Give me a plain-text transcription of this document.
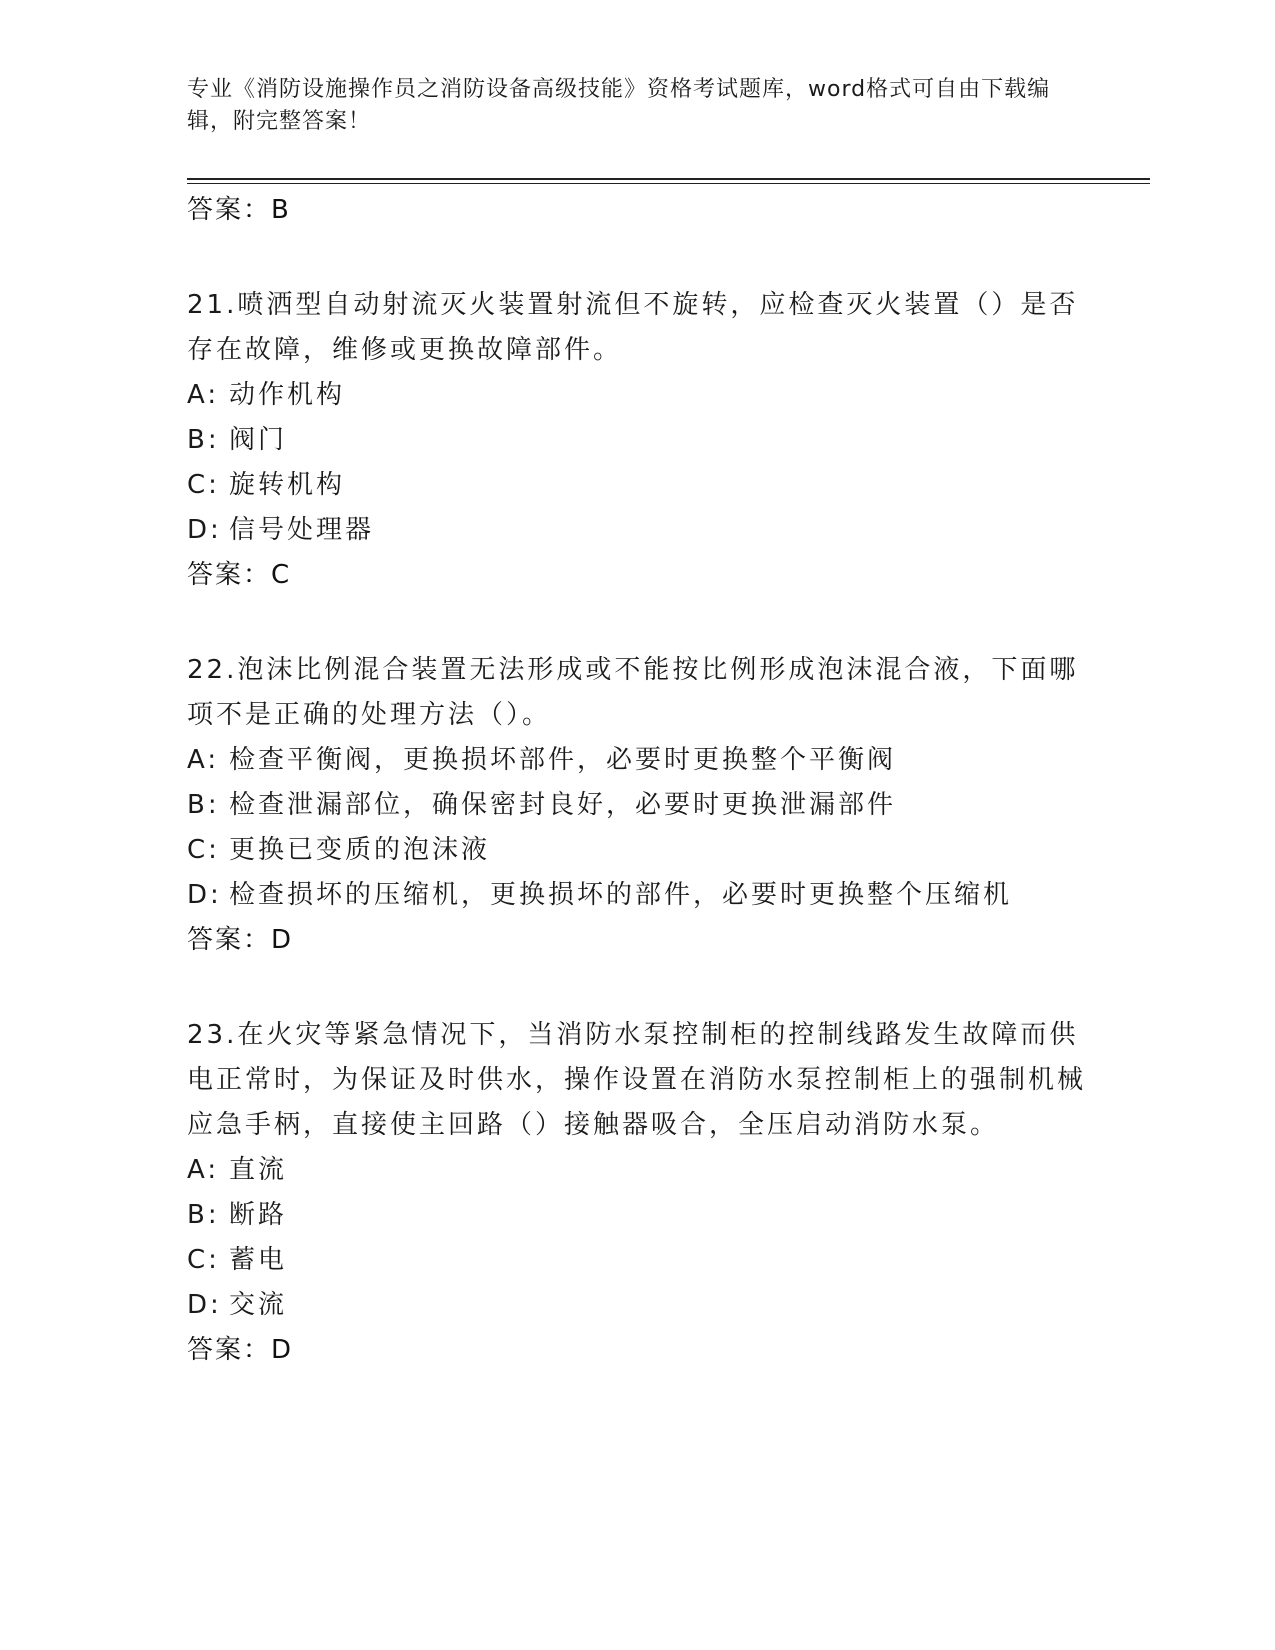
专业《消防设施操作员之消防设备高级技能》资格考试题库，word格式可自由下载编辑，附完整答案！
答案：B
21.喷洒型自动射流灭火装置射流但不旋转，应检查灭火装置（）是否存在故障，维修或更换故障部件。
A: 动作机构
B: 阀门
C: 旋转机构
D: 信号处理器
答案：C
22.泡沫比例混合装置无法形成或不能按比例形成泡沫混合液，下面哪项不是正确的处理方法（）。
A: 检查平衡阀，更换损坏部件，必要时更换整个平衡阀
B: 检查泄漏部位，确保密封良好，必要时更换泄漏部件
C: 更换已变质的泡沫液
D: 检查损坏的压缩机，更换损坏的部件，必要时更换整个压缩机
答案：D
23.在火灾等紧急情况下，当消防水泵控制柜的控制线路发生故障而供电正常时，为保证及时供水，操作设置在消防水泵控制柜上的强制机械应急手柄，直接使主回路（）接触器吸合，全压启动消防水泵。
A: 直流
B: 断路
C: 蓄电
D: 交流
答案：D
